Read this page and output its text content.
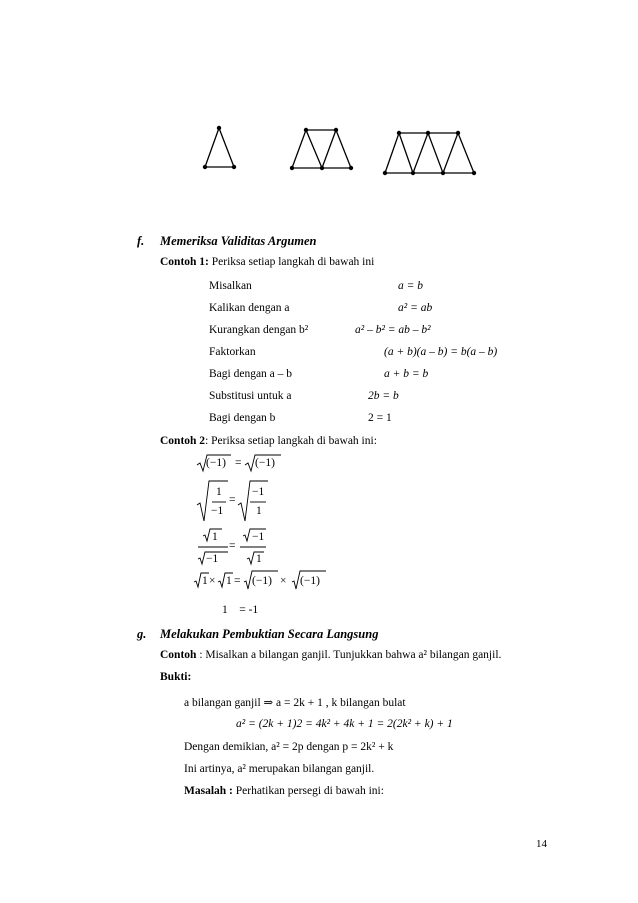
f. Memeriksa Validitas Argumen
Contoh 1: Periksa setiap langkah di bawah ini
Misalkan	a = b
Kalikan dengan a	a² = ab
Kurangkan dengan b²	a² – b² = ab – b²
Faktorkan	(a + b)(a – b) = b(a – b)
Bagi dengan a – b	a + b = b
Substitusi untuk a	2b = b
Bagi dengan b	2 = 1
Contoh 2: Periksa setiap langkah di bawah ini:
(−1) = (−1)
1
−1
=
−1
1
1
−1
=
−1
1
1 × 1 = (−1) × (−1)
1    = -1
g. Melakukan Pembuktian Secara Langsung
Contoh : Misalkan a bilangan ganjil. Tunjukkan bahwa a² bilangan ganjil.
Bukti:
a bilangan ganjil ⇒ a = 2k + 1 , k bilangan bulat
a² = (2k + 1)2 = 4k² + 4k + 1 = 2(2k² + k) + 1
Dengan demikian, a² = 2p dengan p = 2k² + k
Ini artinya, a² merupakan bilangan ganjil.
Masalah : Perhatikan persegi di bawah ini:
14
